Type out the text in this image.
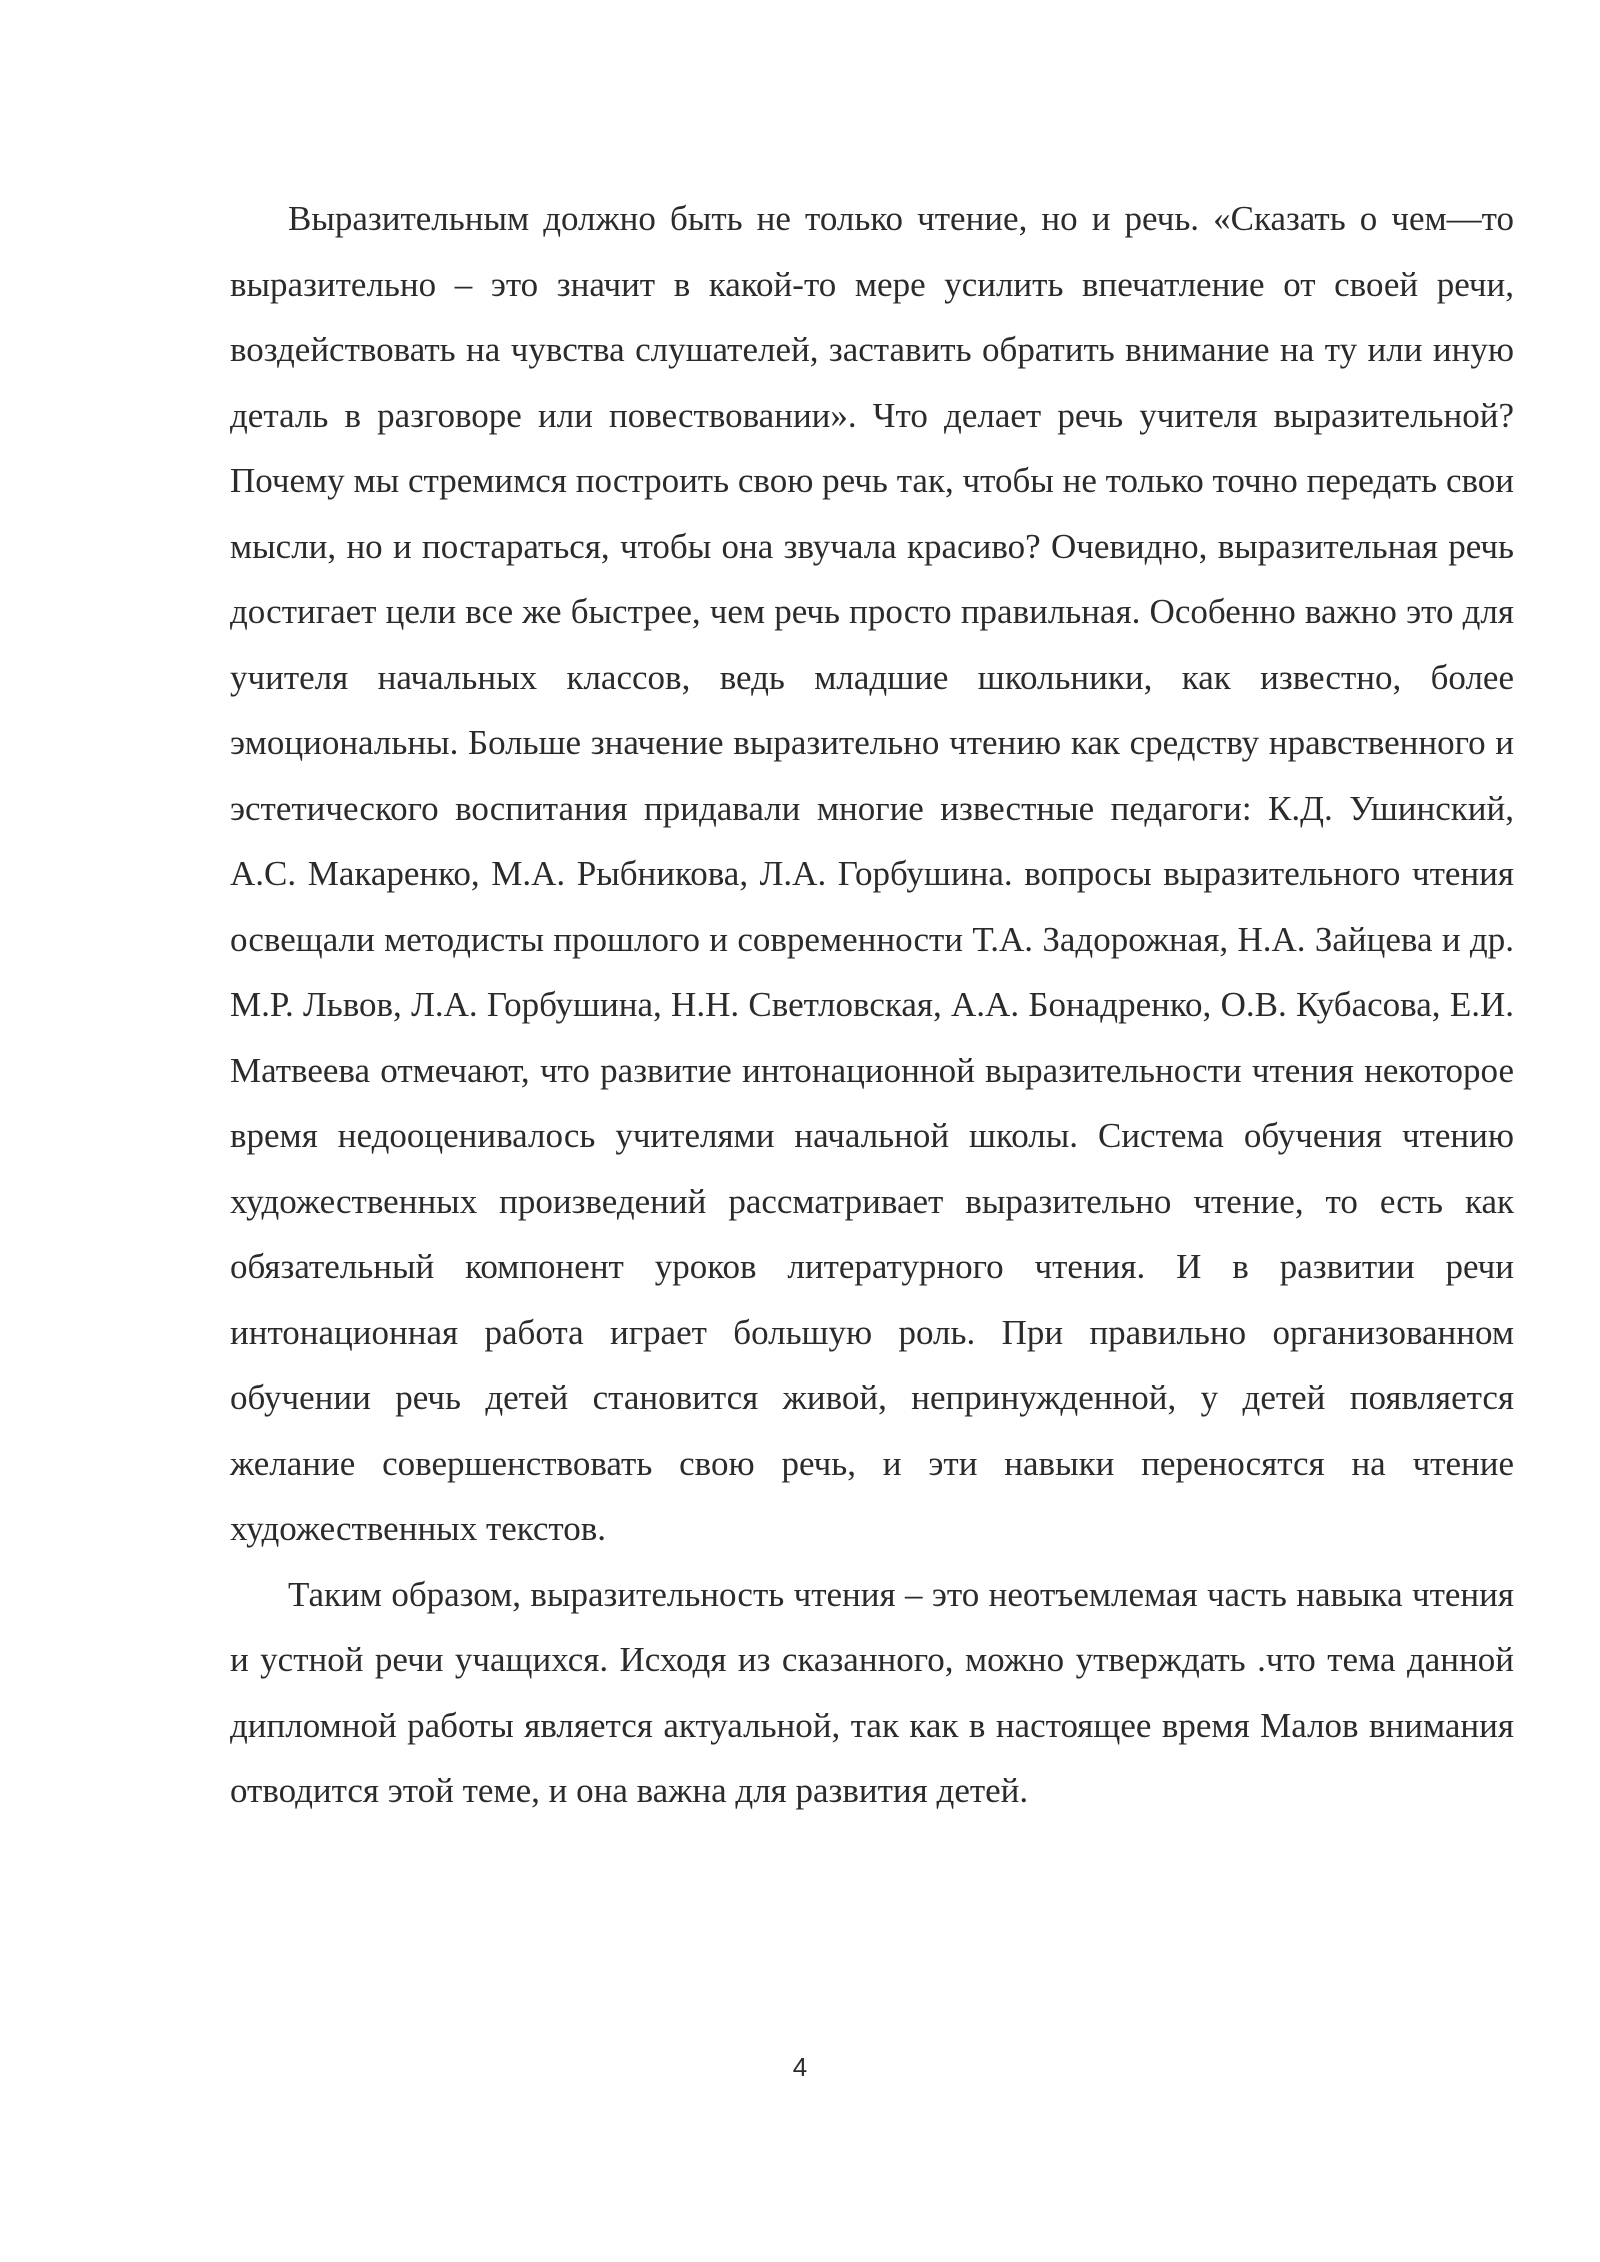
Выразительным должно быть не только чтение, но и речь. «Сказать о чем—то выразительно – это значит в какой-то мере усилить впечатление от своей речи, воздействовать на чувства слушателей, заставить обратить внимание на ту или иную деталь в разговоре или повествовании». Что делает речь учителя выразительной? Почему мы стремимся построить свою речь так, чтобы не только точно передать свои мысли, но и постараться, чтобы она звучала красиво? Очевидно, выразительная речь достигает цели все же быстрее, чем речь просто правильная. Особенно важно это для учителя начальных классов, ведь младшие школьники, как известно, более эмоциональны. Больше значение выразительно чтению как средству нравственного и эстетического воспитания придавали многие известные педагоги: К.Д. Ушинский, А.С. Макаренко, М.А. Рыбникова, Л.А. Горбушина. вопросы выразительного чтения освещали методисты прошлого и современности Т.А. Задорожная, Н.А. Зайцева и др. М.Р. Львов, Л.А. Горбушина, Н.Н. Светловская, А.А. Бонадренко, О.В. Кубасова, Е.И. Матвеева отмечают, что развитие интонационной выразительности чтения некоторое время недооценивалось учителями начальной школы. Система обучения чтению художественных произведений рассматривает выразительно чтение, то есть как обязательный компонент уроков литературного чтения. И в развитии речи интонационная работа играет большую роль. При правильно организованном обучении речь детей становится живой, непринужденной, у детей появляется желание совершенствовать свою речь, и эти навыки переносятся на чтение художественных текстов.

Таким образом, выразительность чтения – это неотъемлемая часть навыка чтения и устной речи учащихся. Исходя из сказанного, можно утверждать .что тема данной дипломной работы является актуальной, так как в настоящее время Малов внимания отводится этой теме, и она важна для развития детей.

4
